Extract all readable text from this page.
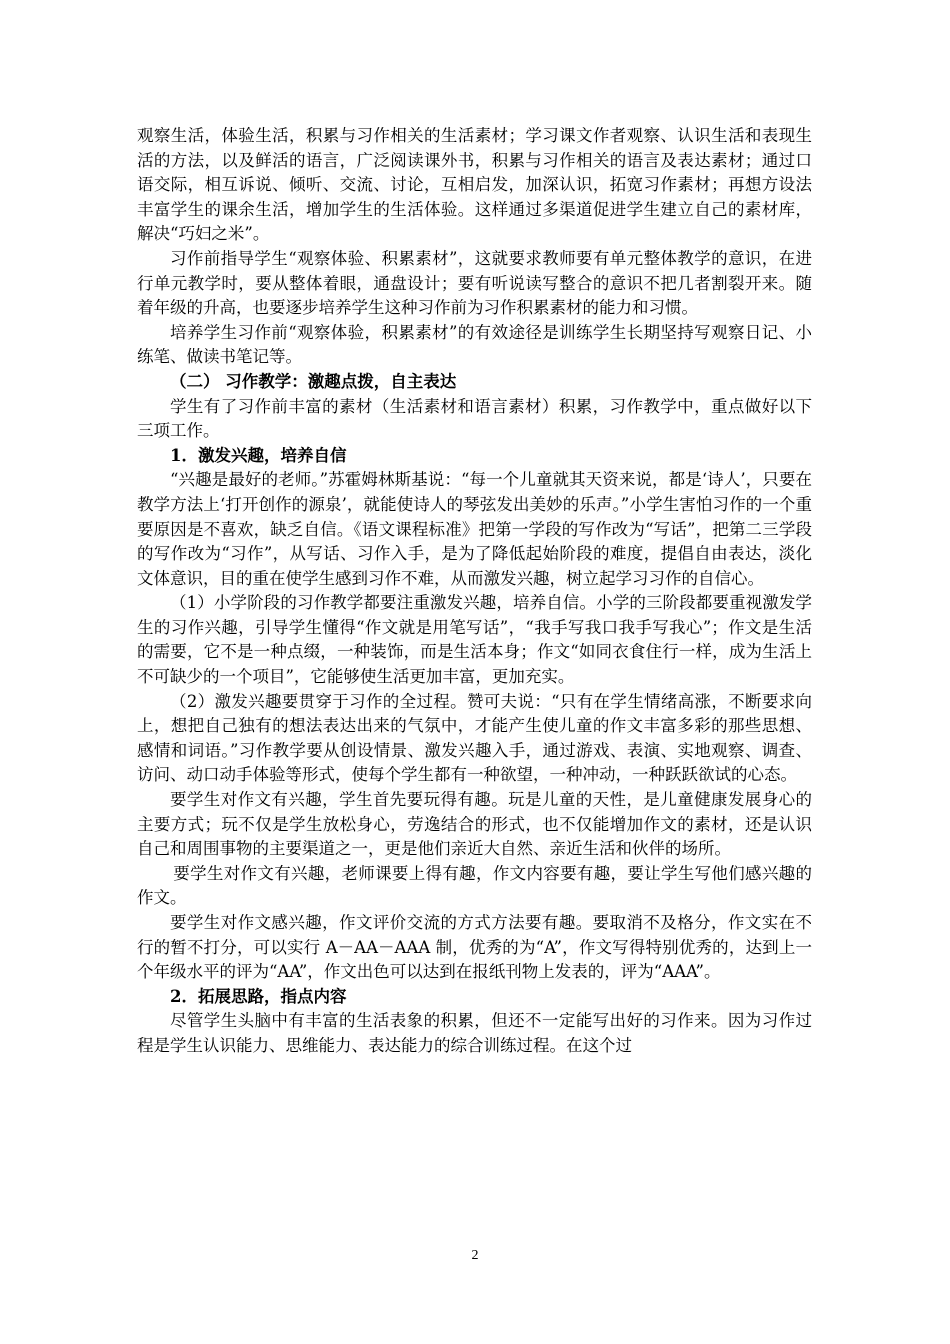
观察生活，体验生活，积累与习作相关的生活素材；学习课文作者观察、认识生活和表现生活的方法，以及鲜活的语言，广泛阅读课外书，积累与习作相关的语言及表达素材；通过口语交际，相互诉说、倾听、交流、讨论，互相启发，加深认识，拓宽习作素材；再想方设法丰富学生的课余生活，增加学生的生活体验。这样通过多渠道促进学生建立自己的素材库，解决“巧妇之米”。

习作前指导学生“观察体验、积累素材”，这就要求教师要有单元整体教学的意识，在进行单元教学时，要从整体着眼，通盘设计；要有听说读写整合的意识不把几者割裂开来。随着年级的升高，也要逐步培养学生这种习作前为习作积累素材的能力和习惯。

培养学生习作前“观察体验，积累素材”的有效途径是训练学生长期坚持写观察日记、小练笔、做读书笔记等。

（二） 习作教学：激趣点拨，自主表达

学生有了习作前丰富的素材（生活素材和语言素材）积累，习作教学中，重点做好以下三项工作。

1．激发兴趣，培养自信

“兴趣是最好的老师。”苏霍姆林斯基说：“每一个儿童就其天资来说，都是‘诗人’，只要在教学方法上‘打开创作的源泉’，就能使诗人的琴弦发出美妙的乐声。”小学生害怕习作的一个重要原因是不喜欢，缺乏自信。《语文课程标准》把第一学段的写作改为“写话”，把第二三学段的写作改为“习作”，从写话、习作入手，是为了降低起始阶段的难度，提倡自由表达，淡化文体意识，目的重在使学生感到习作不难，从而激发兴趣，树立起学习习作的自信心。

（1）小学阶段的习作教学都要注重激发兴趣，培养自信。小学的三阶段都要重视激发学生的习作兴趣，引导学生懂得“作文就是用笔写话”，“我手写我口我手写我心”；作文是生活的需要，它不是一种点缀，一种装饰，而是生活本身；作文“如同衣食住行一样，成为生活上不可缺少的一个项目”，它能够使生活更加丰富，更加充实。

（2）激发兴趣要贯穿于习作的全过程。赞可夫说：“只有在学生情绪高涨，不断要求向上，想把自己独有的想法表达出来的气氛中，才能产生使儿童的作文丰富多彩的那些思想、感情和词语。”习作教学要从创设情景、激发兴趣入手，通过游戏、表演、实地观察、调查、访问、动口动手体验等形式，使每个学生都有一种欲望，一种冲动，一种跃跃欲试的心态。

要学生对作文有兴趣，学生首先要玩得有趣。玩是儿童的天性，是儿童健康发展身心的主要方式；玩不仅是学生放松身心，劳逸结合的形式，也不仅能增加作文的素材，还是认识自己和周围事物的主要渠道之一，更是他们亲近大自然、亲近生活和伙伴的场所。

要学生对作文有兴趣，老师课要上得有趣，作文内容要有趣，要让学生写他们感兴趣的作文。

要学生对作文感兴趣，作文评价交流的方式方法要有趣。要取消不及格分，作文实在不行的暂不打分，可以实行 A－AA－AAA 制，优秀的为“A”，作文写得特别优秀的，达到上一个年级水平的评为“AA”，作文出色可以达到在报纸刊物上发表的，评为“AAA”。

2．拓展思路，指点内容

尽管学生头脑中有丰富的生活表象的积累，但还不一定能写出好的习作来。因为习作过程是学生认识能力、思维能力、表达能力的综合训练过程。在这个过

2
